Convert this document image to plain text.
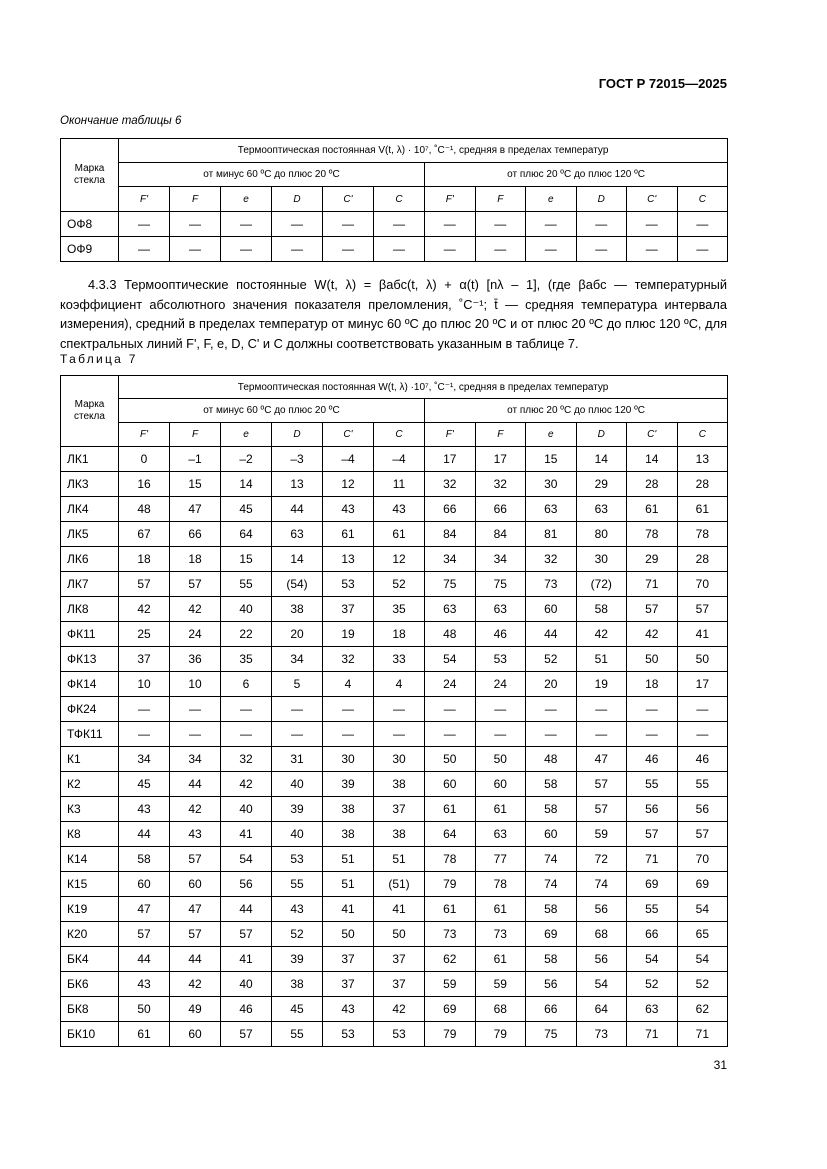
ГОСТ Р 72015—2025
Окончание таблицы 6
Марка стекла	Термооптическая постоянная V(t, λ) · 10⁷, ˚C⁻¹, средняя в пределах температур											
	от минус 60 ºС до плюс 20 ºС						от плюс 20 ºС до плюс 120 ºС					
	F'	F	e	D	C'	C	F'	F	e	D	C'	C
ОФ8	—	—	—	—	—	—	—	—	—	—	—	—
ОФ9	—	—	—	—	—	—	—	—	—	—	—	—
4.3.3 Термооптические постоянные W(t, λ) = βабс(t, λ) + α(t) [nλ – 1], (где βабс — температурный коэффициент абсолютного значения показателя преломления, ˚C⁻¹; t̄ — средняя температура интервала измерения), средний в пределах температур от минус 60 ºС до плюс 20 ºС и от плюс 20 ºС до плюс 120 ºС, для спектральных линий F', F, e, D, C' и C должны соответствовать указанным в таблице 7.
Таблица 7
Марка стекла	Термооптическая постоянная W(t, λ) ·10⁷, ˚C⁻¹, средняя в пределах температур											
	от минус 60 ºС до плюс 20 ºС						от плюс 20 ºС до плюс 120 ºС					
	F'	F	e	D	C'	C	F'	F	e	D	C'	C
ЛК1	0	–1	–2	–3	–4	–4	17	17	15	14	14	13
ЛК3	16	15	14	13	12	11	32	32	30	29	28	28
ЛК4	48	47	45	44	43	43	66	66	63	63	61	61
ЛК5	67	66	64	63	61	61	84	84	81	80	78	78
ЛК6	18	18	15	14	13	12	34	34	32	30	29	28
ЛК7	57	57	55	(54)	53	52	75	75	73	(72)	71	70
ЛК8	42	42	40	38	37	35	63	63	60	58	57	57
ФК11	25	24	22	20	19	18	48	46	44	42	42	41
ФК13	37	36	35	34	32	33	54	53	52	51	50	50
ФК14	10	10	6	5	4	4	24	24	20	19	18	17
ФК24	—	—	—	—	—	—	—	—	—	—	—	—
ТФК11	—	—	—	—	—	—	—	—	—	—	—	—
К1	34	34	32	31	30	30	50	50	48	47	46	46
К2	45	44	42	40	39	38	60	60	58	57	55	55
К3	43	42	40	39	38	37	61	61	58	57	56	56
К8	44	43	41	40	38	38	64	63	60	59	57	57
К14	58	57	54	53	51	51	78	77	74	72	71	70
К15	60	60	56	55	51	(51)	79	78	74	74	69	69
К19	47	47	44	43	41	41	61	61	58	56	55	54
К20	57	57	57	52	50	50	73	73	69	68	66	65
БК4	44	44	41	39	37	37	62	61	58	56	54	54
БК6	43	42	40	38	37	37	59	59	56	54	52	52
БК8	50	49	46	45	43	42	69	68	66	64	63	62
БК10	61	60	57	55	53	53	79	79	75	73	71	71
31
